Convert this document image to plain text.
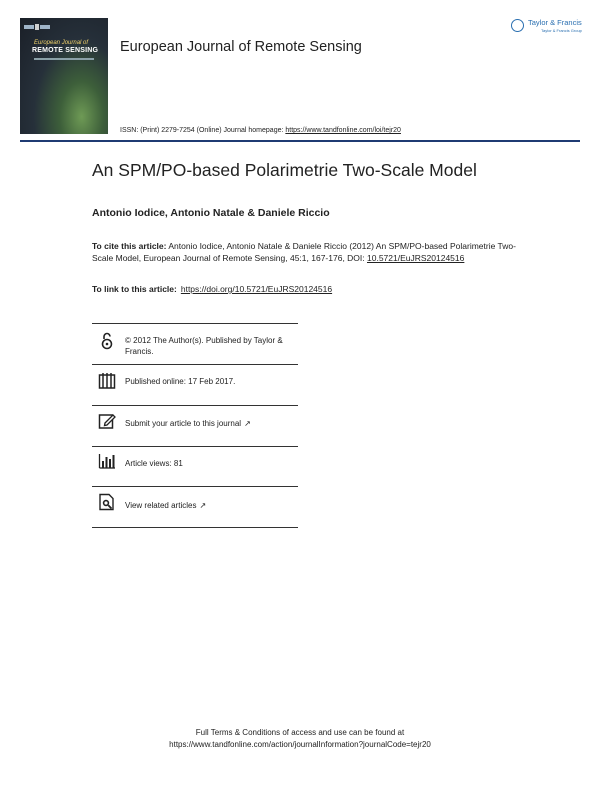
European Journal of
REMOTE SENSING European Journal of Remote Sensing
Taylor & Francis
Taylor & Francis Group
ISSN: (Print) 2279-7254 (Online) Journal homepage: https://www.tandfonline.com/loi/tejr20
An SPM/PO-based Polarimetrie Two-Scale Model
Antonio Iodice, Antonio Natale & Daniele Riccio
To cite this article: Antonio Iodice, Antonio Natale & Daniele Riccio (2012) An SPM/PO-based Polarimetrie Two-Scale Model, European Journal of Remote Sensing, 45:1, 167-176, DOI: 10.5721/EuJRS20124516
To link to this article: https://doi.org/10.5721/EuJRS20124516
© 2012 The Author(s). Published by Taylor & Francis.
Published online: 17 Feb 2017.
Submit your article to this journal ↗
Article views: 81
View related articles ↗
Full Terms & Conditions of access and use can be found at
https://www.tandfonline.com/action/journalInformation?journalCode=tejr20
